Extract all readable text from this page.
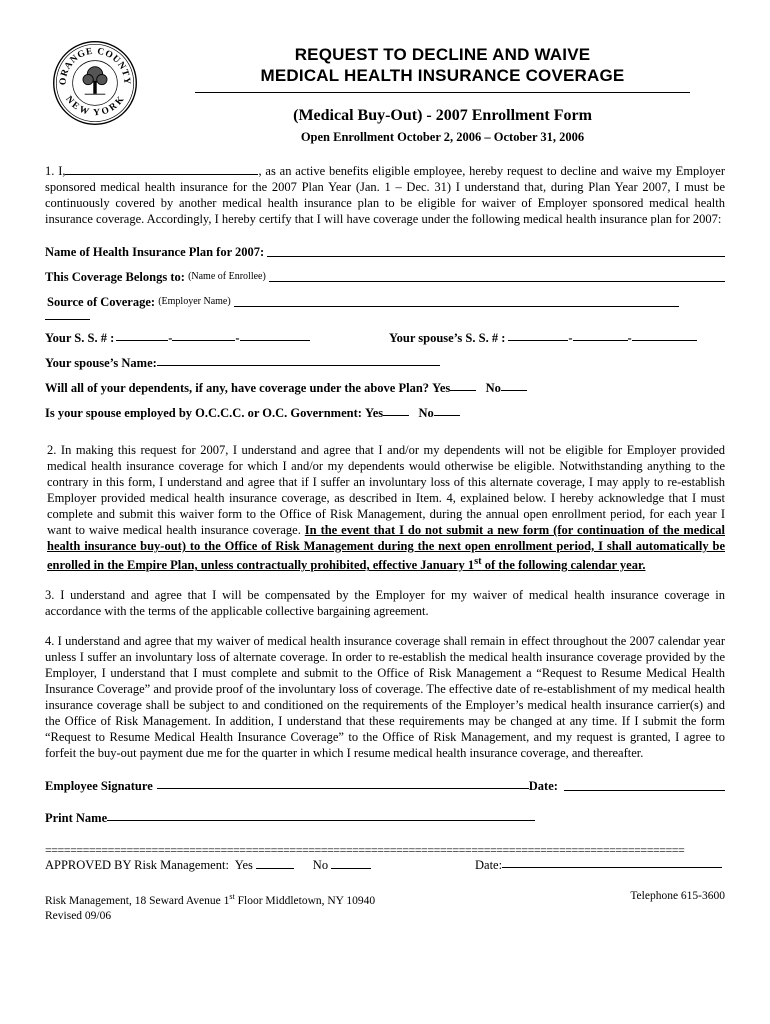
ORANGE COUNTY
NEW YORK
REQUEST TO DECLINE AND WAIVE
MEDICAL HEALTH INSURANCE COVERAGE
(Medical Buy-Out) - 2007 Enrollment Form
Open Enrollment October 2, 2006 – October 31, 2006

1. I,	, as an active benefits eligible employee, hereby request to decline and waive my Employer sponsored medical health insurance for the 2007 Plan Year (Jan. 1 – Dec. 31) I understand that, during Plan Year 2007, I must be continuously covered by another medical health insurance plan to be eligible for waiver of Employer sponsored medical health insurance coverage. Accordingly, I hereby certify that I will have coverage under the following medical health insurance plan for 2007:

Name of Health Insurance Plan for 2007:
This Coverage Belongs to:
(Name of Enrollee)
Source of Coverage:
(Employer Name)
Your S. S. # :	-	-	Your spouse’s S. S. # :	-	-
Your spouse’s Name:
Will all of your dependents, if any, have coverage under the above Plan?
Yes
	No
Is your spouse employed by O.C.C.C. or O.C. Government:
Yes
	No

2. In making this request for 2007, I understand and agree that I and/or my dependents will not be eligible for Employer provided medical health insurance coverage for which I and/or my dependents would otherwise be eligible. Notwithstanding anything to the contrary in this form, I understand and agree that if I suffer an involuntary loss of this alternate coverage, I may apply to re-establish Employer provided medical health insurance coverage, as described in Item. 4, explained below. I hereby acknowledge that I must complete and submit this waiver form to the Office of Risk Management, during the annual open enrollment period, for each year I want to waive medical health insurance coverage. In the event that I do not submit a new form (for continuation of the medical health insurance buy-out) to the Office of Risk Management during the next open enrollment period, I shall automatically be enrolled in the Empire Plan, unless contractually prohibited, effective January 1st of the following calendar year.

3. I understand and agree that I will be compensated by the Employer for my waiver of medical health insurance coverage in accordance with the terms of the applicable collective bargaining agreement.

4. I understand and agree that my waiver of medical health insurance coverage shall remain in effect throughout the 2007 calendar year unless I suffer an involuntary loss of alternate coverage. In order to re-establish the medical health insurance coverage provided by the Employer, I understand that I must complete and submit to the Office of Risk Management a “Request to Resume Medical Health Insurance Coverage” and provide proof of the involuntary loss of coverage. The effective date of re-establishment of my medical health insurance coverage shall be subject to and conditioned on the requirements of the Employer’s medical health insurance carrier(s) and the Office of Risk Management. In addition, I understand that these requirements may be changed at any time. If I submit the form “Request to Resume Medical Health Insurance Coverage” to the Office of Risk Management, and my request is granted, I agree to forfeit the buy-out payment due me for the quarter in which I resume medical health insurance coverage, and thereafter.

Employee Signature	Date:
Print Name
======================================================================================================
APPROVED BY Risk Management: Yes	No	Date:
Risk Management, 18 Seward Avenue 1st Floor Middletown, NY 10940	Telephone 615-3600
Revised 09/06
